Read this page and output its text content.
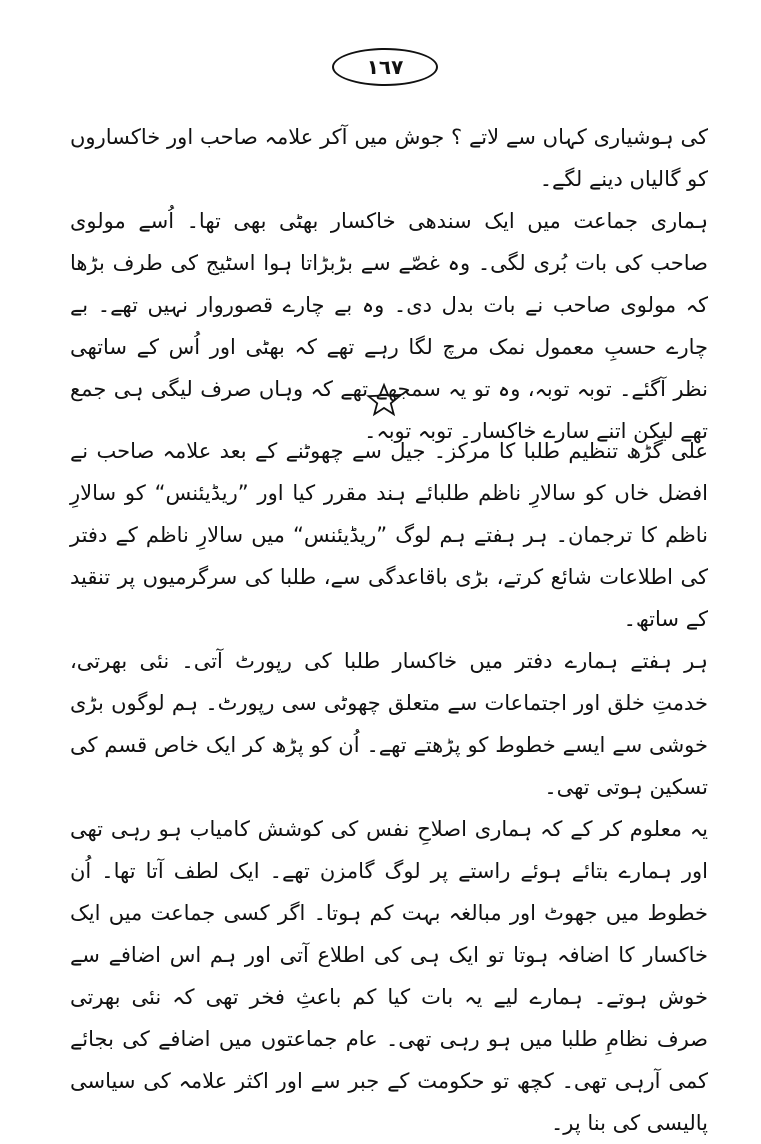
١٦٧

کی ہوشیاری کہاں سے لاتے ؟ جوش میں آکر علامہ صاحب اور خاکساروں کو گالیاں دینے لگے۔

ہماری جماعت میں ایک سندھی خاکسار بھٹی بھی تھا۔ اُسے مولوی صاحب کی بات بُری لگی۔ وہ غصّے سے بڑبڑاتا ہوا اسٹیج کی طرف بڑھا کہ مولوی صاحب نے بات بدل دی۔ وہ بے چارے قصوروار نہیں تھے۔ بے چارے حسبِ معمول نمک مرچ لگا رہے تھے کہ بھٹی اور اُس کے ساتھی نظر آگئے۔ توبہ توبہ، وہ تو یہ سمجھے تھے کہ وہاں صرف لیگی ہی جمع تھے لیکن اتنے سارے خاکسار۔ توبہ توبہ۔

علی گڑھ تنظیم طلبا کا مرکز۔ جیل سے چھوٹنے کے بعد علامہ صاحب نے افضل خاں کو سالارِ ناظم طلبائے ہند مقرر کیا اور ”ریڈیئنس“ کو سالارِ ناظم کا ترجمان۔ ہر ہفتے ہم لوگ ”ریڈیئنس“ میں سالارِ ناظم کے دفتر کی اطلاعات شائع کرتے، بڑی باقاعدگی سے، طلبا کی سرگرمیوں پر تنقید کے ساتھ۔

ہر ہفتے ہمارے دفتر میں خاکسار طلبا کی رپورٹ آتی۔ نئی بھرتی، خدمتِ خلق اور اجتماعات سے متعلق چھوٹی سی رپورٹ۔ ہم لوگوں بڑی خوشی سے ایسے خطوط کو پڑھتے تھے۔ اُن کو پڑھ کر ایک خاص قسم کی تسکین ہوتی تھی۔

یہ معلوم کر کے کہ ہماری اصلاحِ نفس کی کوشش کامیاب ہو رہی تھی اور ہمارے بتائے ہوئے راستے پر لوگ گامزن تھے۔ ایک لطف آتا تھا۔ اُن خطوط میں جھوٹ اور مبالغہ بہت کم ہوتا۔ اگر کسی جماعت میں ایک خاکسار کا اضافہ ہوتا تو ایک ہی کی اطلاع آتی اور ہم اس اضافے سے خوش ہوتے۔ ہمارے لیے یہ بات کیا کم باعثِ فخر تھی کہ نئی بھرتی صرف نظامِ طلبا میں ہو رہی تھی۔ عام جماعتوں میں اضافے کی بجائے کمی آرہی تھی۔ کچھ تو حکومت کے جبر سے اور اکثر علامہ کی سیاسی پالیسی کی بنا پر۔
